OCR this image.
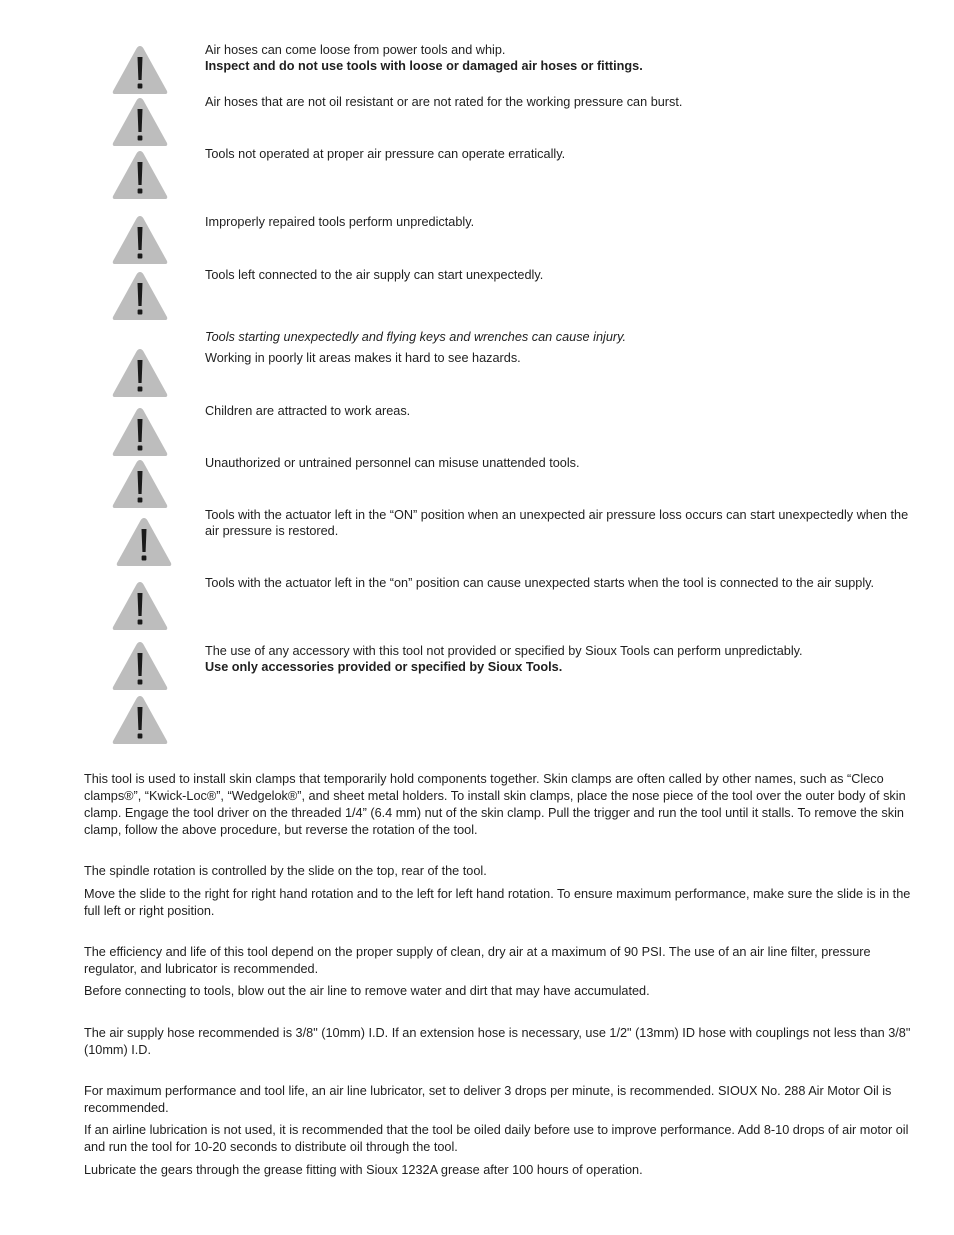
Air hoses can come loose from power tools and whip.
Inspect and do not use tools with loose or damaged air hoses or fittings.
Air hoses that are not oil resistant or are not rated for the working pressure can burst.
Tools not operated at proper air pressure can operate erratically.
Improperly repaired tools perform unpredictably.
Tools left connected to the air supply can start unexpectedly.
Tools starting unexpectedly and flying keys and wrenches can cause injury.
Working in poorly lit areas makes it hard to see hazards.
Children are attracted to work areas.
Unauthorized or untrained personnel can misuse unattended tools.
Tools with the actuator left in the “ON” position when an unexpected air pressure loss occurs can start unexpectedly when the air pressure is restored.
Tools with the actuator left in the “on” position can cause unexpected starts when the tool is connected to the air supply.
The use of any accessory with this tool not provided or specified by Sioux Tools can perform unpredictably.
Use only accessories provided or specified by Sioux Tools.
This tool is used to install skin clamps that temporarily hold components together. Skin clamps are often called by other names, such as “Cleco clamps®”, “Kwick-Loc®”, “Wedgelok®”, and sheet metal holders. To install skin clamps, place the nose piece of the tool over the outer body of skin clamp. Engage the tool driver on the threaded 1/4” (6.4 mm) nut of the skin clamp. Pull the trigger and run the tool until it stalls. To remove the skin clamp, follow the above procedure, but reverse the rotation of the tool.
The spindle rotation is controlled by the slide on the top, rear of the tool.
Move the slide to the right for right hand rotation and to the left for left hand rotation. To ensure maximum performance, make sure the slide is in the full left or right position.
The efficiency and life of this tool depend on the proper supply of clean, dry air at a maximum of 90 PSI. The use of an air line filter, pressure regulator, and lubricator is recommended.
Before connecting to tools, blow out the air line to remove water and dirt that may have accumulated.
The air supply hose recommended is 3/8" (10mm) I.D. If an extension hose is necessary, use 1/2" (13mm) ID hose with couplings not less than 3/8" (10mm) I.D.
For maximum performance and tool life, an air line lubricator, set to deliver 3 drops per minute, is recommended. SIOUX No. 288 Air Motor Oil is recommended.
If an airline lubrication is not used, it is recommended that the tool be oiled daily before use to improve performance. Add 8-10 drops of air motor oil and run the tool for 10-20 seconds to distribute oil through the tool.
Lubricate the gears through the grease fitting with Sioux 1232A grease after 100 hours of operation.
